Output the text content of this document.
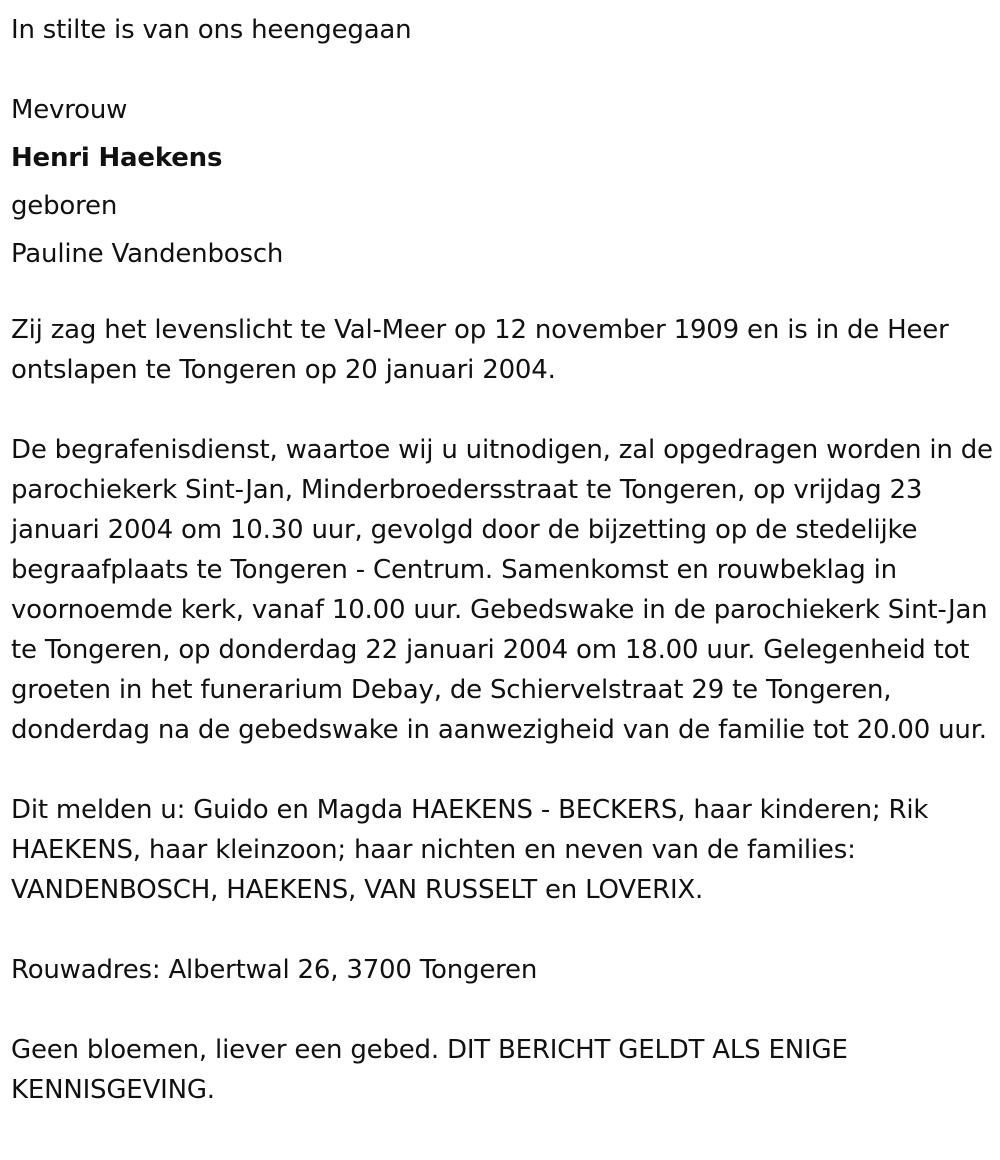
In stilte is van ons heengegaan

Mevrouw

Henri Haekens

geboren

Pauline Vandenbosch

Zij zag het levenslicht te Val-Meer op 12 november 1909 en is in de Heer ontslapen te Tongeren op 20 januari 2004.

De begrafenisdienst, waartoe wij u uitnodigen, zal opgedragen worden in de parochiekerk Sint-Jan, Minderbroedersstraat te Tongeren, op vrijdag 23 januari 2004 om 10.30 uur, gevolgd door de bijzetting op de stedelijke begraafplaats te Tongeren - Centrum. Samenkomst en rouwbeklag in voornoemde kerk, vanaf 10.00 uur. Gebedswake in de parochiekerk Sint-Jan te Tongeren, op donderdag 22 januari 2004 om 18.00 uur. Gelegenheid tot groeten in het funerarium Debay, de Schiervelstraat 29 te Tongeren, donderdag na de gebedswake in aanwezigheid van de familie tot 20.00 uur.

Dit melden u: Guido en Magda HAEKENS - BECKERS, haar kinderen; Rik HAEKENS, haar kleinzoon; haar nichten en neven van de families: VANDENBOSCH, HAEKENS, VAN RUSSELT en LOVERIX.

Rouwadres: Albertwal 26, 3700 Tongeren

Geen bloemen, liever een gebed. DIT BERICHT GELDT ALS ENIGE KENNISGEVING.
